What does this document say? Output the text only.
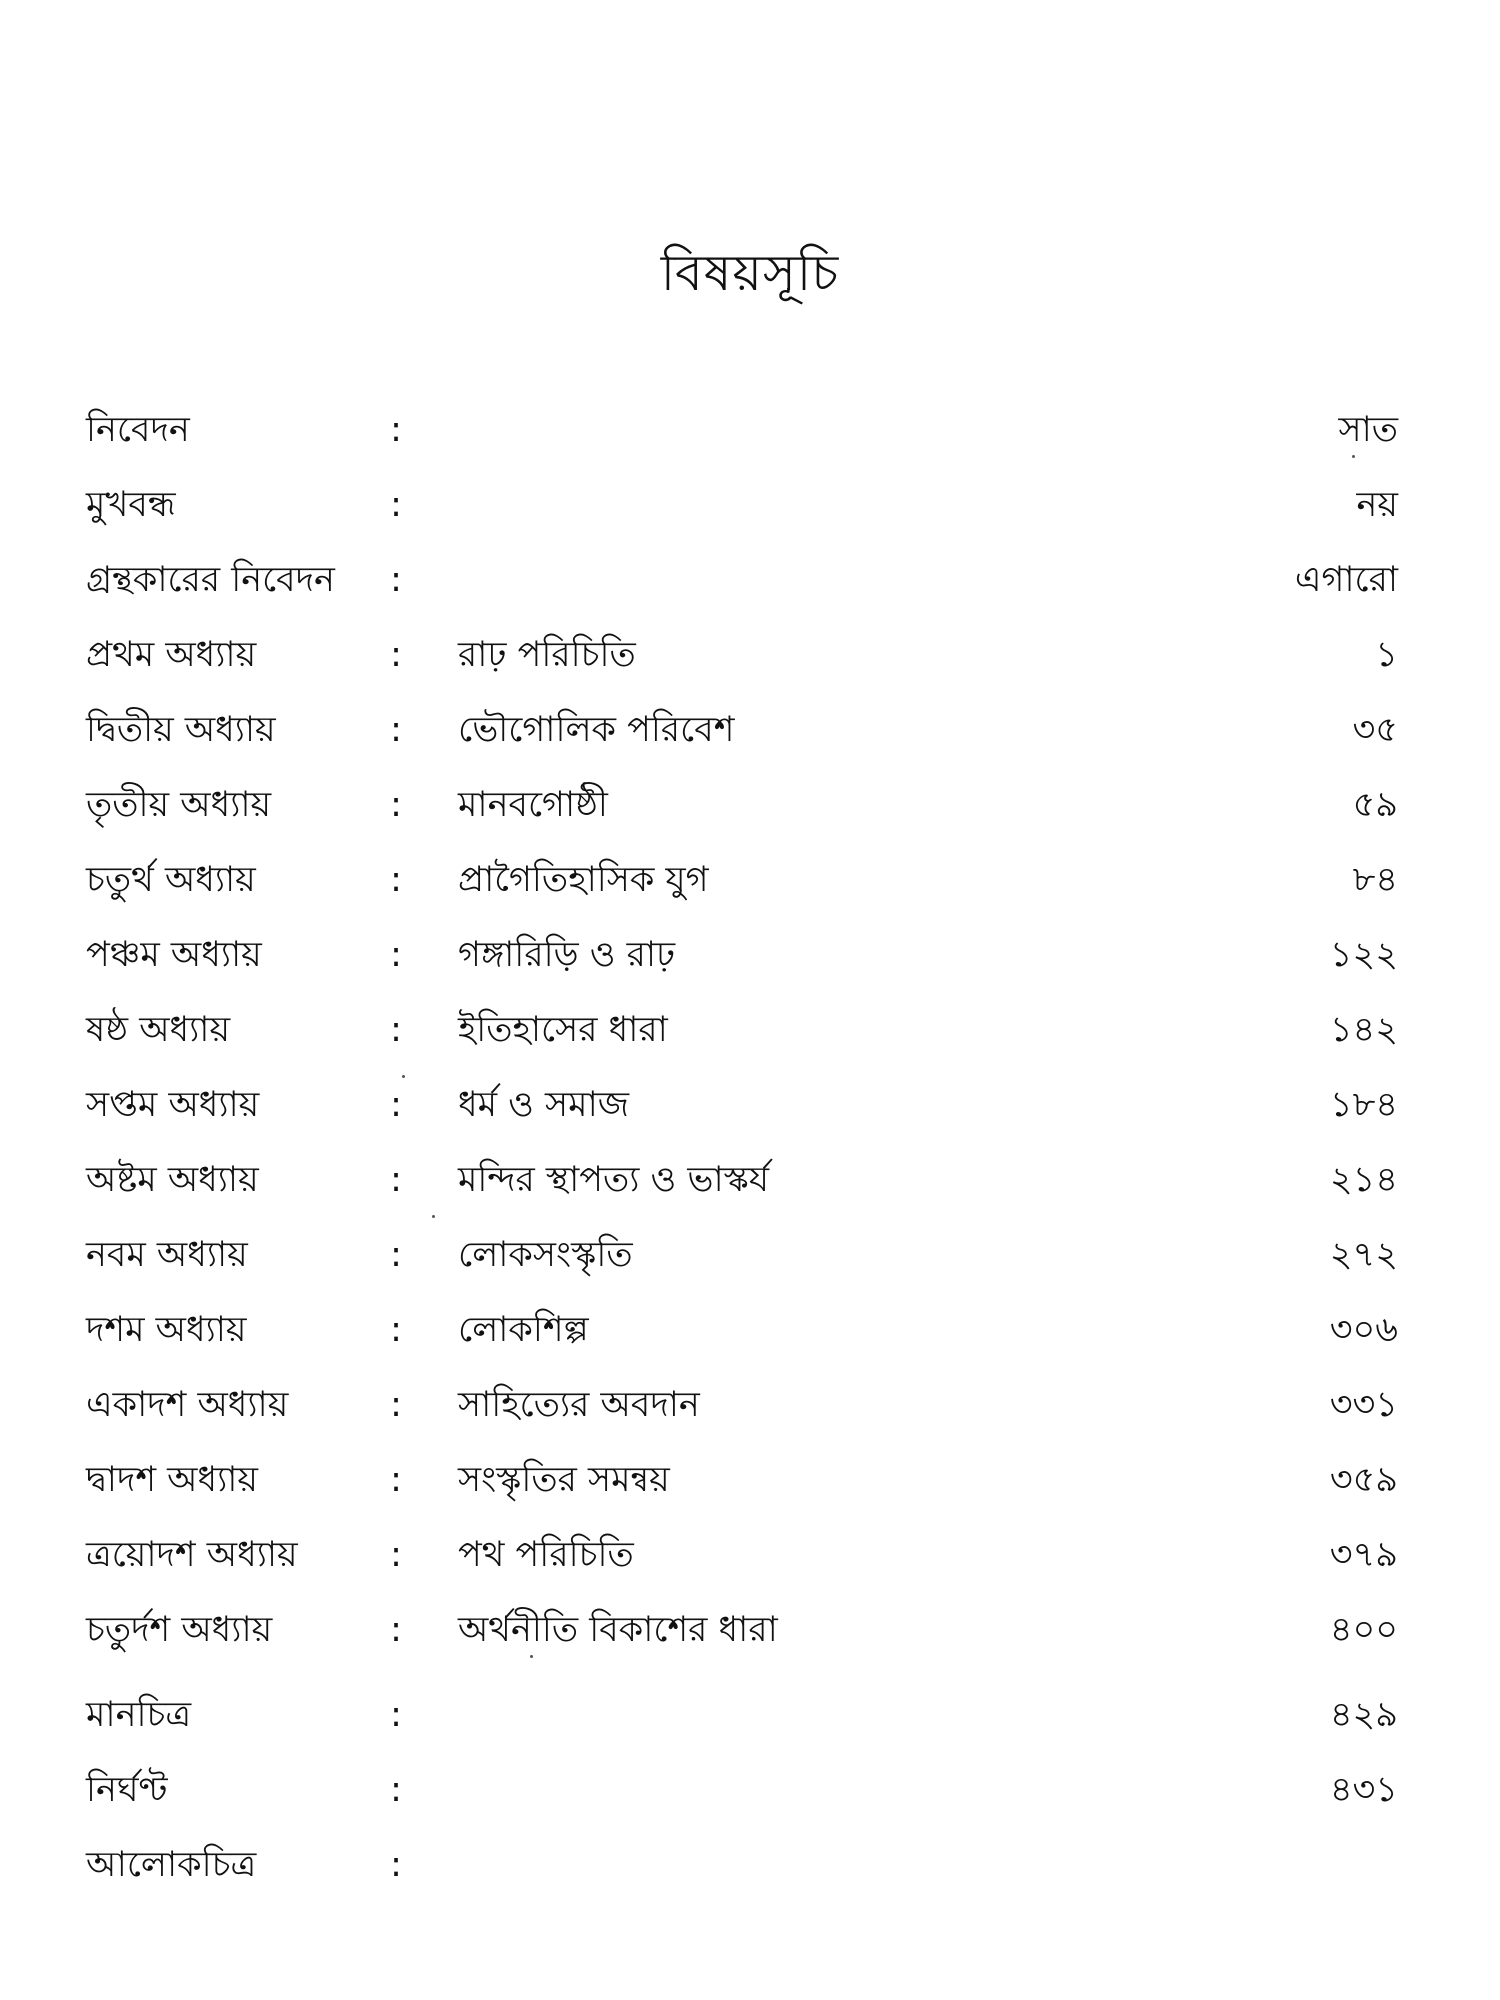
বিষয়সূচি
নিবেদন	:	সাত
মুখবন্ধ	:	নয়
গ্রন্থকারের নিবেদন :	এগারো
প্রথম অধ্যায়	: রাঢ় পরিচিতি	১
দ্বিতীয় অধ্যায়	: ভৌগোলিক পরিবেশ	৩৫
তৃতীয় অধ্যায়	: মানবগোষ্ঠী	৫৯
চতুর্থ অধ্যায়	: প্রাগৈতিহাসিক যুগ	৮৪
পঞ্চম অধ্যায়	: গঙ্গারিড়ি ও রাঢ়	১২২
ষষ্ঠ অধ্যায়	: ইতিহাসের ধারা	১৪২
সপ্তম অধ্যায়	: ধর্ম ও সমাজ	১৮৪
অষ্টম অধ্যায়	: মন্দির স্থাপত্য ও ভাস্কর্য	২১৪
নবম অধ্যায়	: লোকসংস্কৃতি	২৭২
দশম অধ্যায়	: লোকশিল্প	৩০৬
একাদশ অধ্যায়	: সাহিত্যের অবদান	৩৩১
দ্বাদশ অধ্যায়	: সংস্কৃতির সমন্বয়	৩৫৯
ত্রয়োদশ অধ্যায়	: পথ পরিচিতি	৩৭৯
চতুর্দশ অধ্যায়	: অর্থনীতি বিকাশের ধারা	৪০০
মানচিত্র	:	৪২৯
নির্ঘণ্ট	:	৪৩১
আলোকচিত্র	:
